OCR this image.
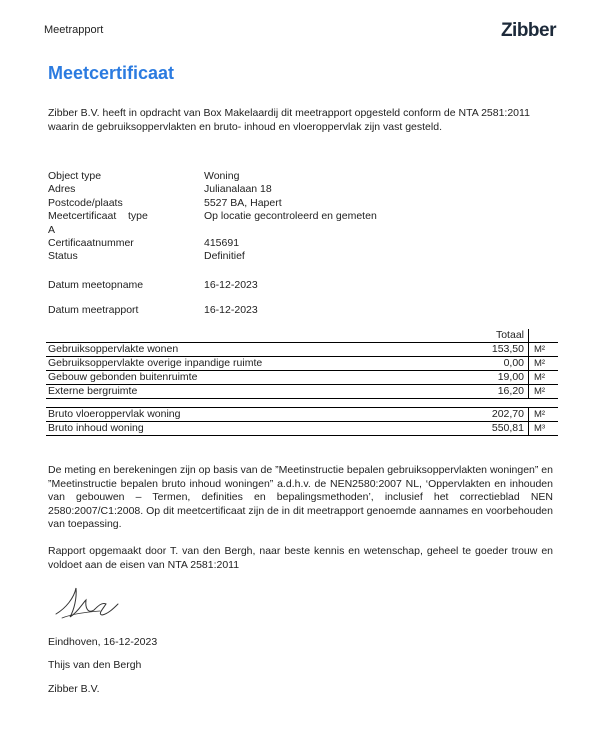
Meetrapport	Zibber
Meetcertificaat
Zibber B.V. heeft in opdracht van Box Makelaardij dit meetrapport opgesteld conform de NTA 2581:2011 waarin de gebruiksoppervlakten en bruto- inhoud en vloeroppervlak zijn vast gesteld.
Object type	Woning
Adres	Julianalaan 18
Postcode/plaats	5527 BA, Hapert
Meetcertificaat    type	Op locatie gecontroleerd en gemeten
A
Certificaatnummer	415691
Status	Definitief
Datum meetopname	16-12-2023
Datum meetrapport	16-12-2023
	Totaal	
Gebruiksoppervlakte wonen	153,50	M²
Gebruiksoppervlakte overige inpandige ruimte	0,00	M²
Gebouw gebonden buitenruimte	19,00	M²
Externe bergruimte	16,20	M²

Bruto vloeroppervlak woning	202,70	M²
Bruto inhoud woning	550,81	M³
De meting en berekeningen zijn op basis van de ”Meetinstructie bepalen gebruiksoppervlakten woningen” en ”Meetinstructie bepalen bruto inhoud woningen” a.d.h.v. de NEN2580:2007 NL, ‘Oppervlakten en inhouden van gebouwen – Termen, definities en bepalingsmethoden’, inclusief het correctieblad NEN 2580:2007/C1:2008. Op dit meetcertificaat zijn de in dit meetrapport genoemde aannames en voorbehouden van toepassing.
Rapport opgemaakt door T. van den Bergh, naar beste kennis en wetenschap, geheel te goeder trouw en voldoet aan de eisen van NTA 2581:2011
Eindhoven, 16-12-2023
Thijs van den Bergh
Zibber B.V.
